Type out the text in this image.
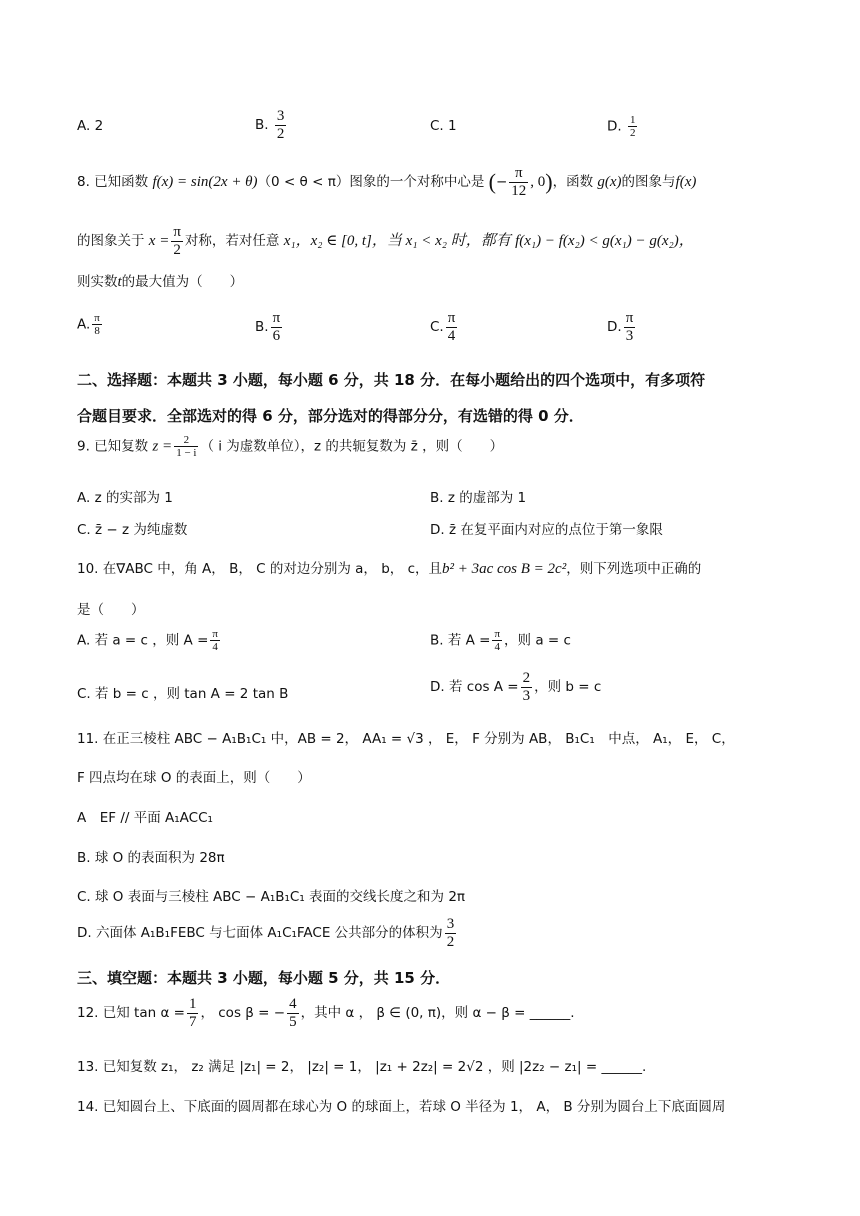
A. 2	B. $\frac{3}{2}$	C. 1	D. $\frac{1}{2}$
8. 已知函数 f(x) = sin(2x + θ)（0 < θ < π）图象的一个对称中心是 (− $\frac{\pi}{12}$ , 0)，函数 g(x)的图象与f(x)
的图象关于 $x = \frac{\pi}{2}$ 对称，若对任意 x₁，x₂ ∈ [0, t]，当 x₁ < x₂ 时，都有 f(x₁) − f(x₂) < g(x₁) − g(x₂)，
则实数t的最大值为（　　）
A. $\frac{\pi}{8}$	B. $\frac{\pi}{6}$	C. $\frac{\pi}{4}$	D. $\frac{\pi}{3}$
二、选择题：本题共 3 小题，每小题 6 分，共 18 分．在每小题给出的四个选项中，有多项符
合题目要求．全部选对的得 6 分，部分选对的得部分分，有选错的得 0 分．
9. 已知复数 $z = \frac{2}{1 - i}$ （ i 为虚数单位），z 的共轭复数为 z̄ ，则（　　）
A. z 的实部为 1	B. z 的虚部为 1
C. z̄ − z 为纯虚数	D. z̄ 在复平面内对应的点位于第一象限
10. 在∇ABC 中，角 A， B， C 的对边分别为 a， b， c，且b² + 3ac cos B = 2c²，则下列选项中正确的
是（　　）
A. 若 a = c ，则 $A = \frac{\pi}{4}$	B. 若 $A = \frac{\pi}{4}$ ，则 a = c
C. 若 b = c ，则 tan A = 2 tan B	D. 若 $\cos A = \frac{2}{3}$ ，则 b = c
11. 在正三棱柱 ABC − A₁B₁C₁ 中，AB = 2， AA₁ = √3 ， E， F 分别为 AB， B₁C₁　中点， A₁， E， C，
F 四点均在球 O 的表面上，则（　　）
A　EF // 平面 A₁ACC₁
B. 球 O 的表面积为 28π
C. 球 O 表面与三棱柱 ABC − A₁B₁C₁ 表面的交线长度之和为 2π
D. 六面体 A₁B₁FEBC 与七面体 A₁C₁FACE 公共部分的体积为 $\frac{3}{2}$
三、填空题：本题共 3 小题，每小题 5 分，共 15 分．
12. 已知 $\tan \alpha = \frac{1}{7}$ ， cos β = − $\frac{4}{5}$ ，其中 α ， β ∈ (0, π)，则 α − β = ______.
13. 已知复数 z₁， z₂ 满足 |z₁| = 2， |z₂| = 1， |z₁ + 2z₂| = 2√2 ，则 |2z₂ − z₁| = ______.
14. 已知圆台上、下底面的圆周都在球心为 O 的球面上，若球 O 半径为 1， A， B 分别为圆台上下底面圆周
